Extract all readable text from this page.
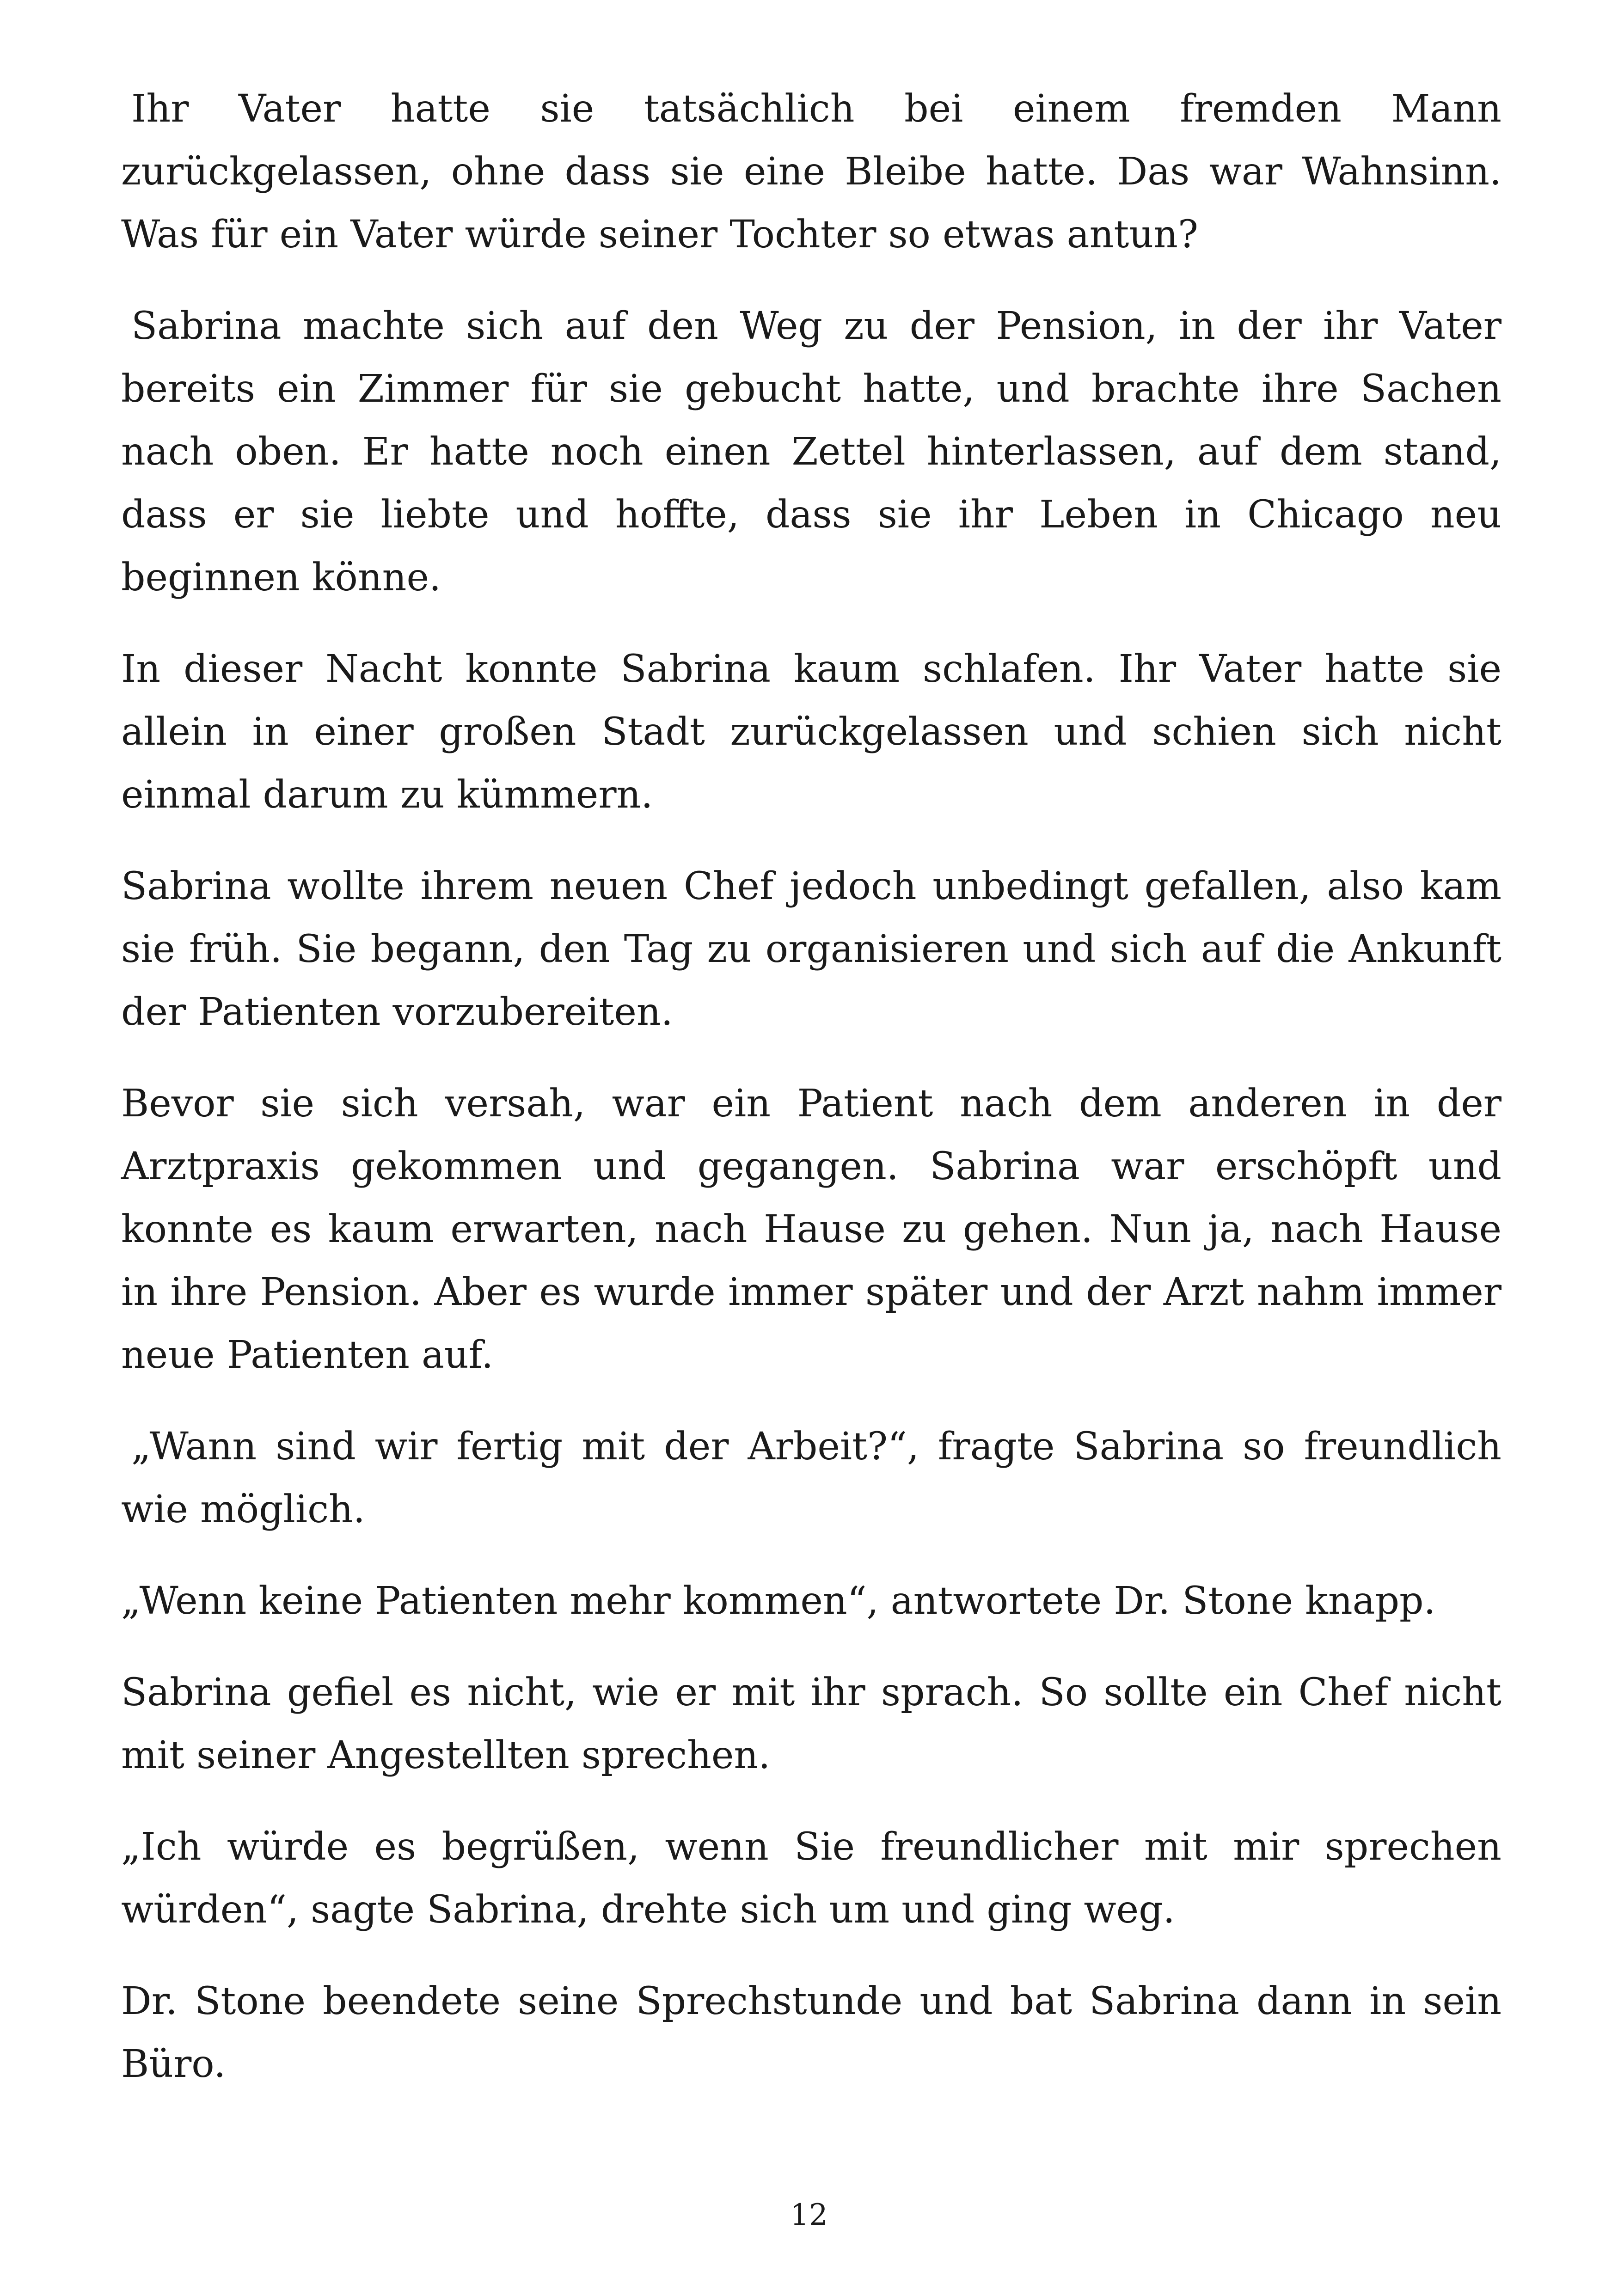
Ihr Vater hatte sie tatsächlich bei einem fremden Mann zurückgelassen, ohne dass sie eine Bleibe hatte. Das war Wahnsinn. Was für ein Vater würde seiner Tochter so etwas antun?

Sabrina machte sich auf den Weg zu der Pension, in der ihr Vater bereits ein Zimmer für sie gebucht hatte, und brachte ihre Sachen nach oben. Er hatte noch einen Zettel hinterlassen, auf dem stand, dass er sie liebte und hoffte, dass sie ihr Leben in Chicago neu beginnen könne.

In dieser Nacht konnte Sabrina kaum schlafen. Ihr Vater hatte sie allein in einer großen Stadt zurückgelassen und schien sich nicht einmal darum zu kümmern.

Sabrina wollte ihrem neuen Chef jedoch unbedingt gefallen, also kam sie früh. Sie begann, den Tag zu organisieren und sich auf die Ankunft der Patienten vorzubereiten.

Bevor sie sich versah, war ein Patient nach dem anderen in der Arztpraxis gekommen und gegangen. Sabrina war erschöpft und konnte es kaum erwarten, nach Hause zu gehen. Nun ja, nach Hause in ihre Pension. Aber es wurde immer später und der Arzt nahm immer neue Patienten auf.

„Wann sind wir fertig mit der Arbeit?“, fragte Sabrina so freundlich wie möglich.

„Wenn keine Patienten mehr kommen“, antwortete Dr. Stone knapp.

Sabrina gefiel es nicht, wie er mit ihr sprach. So sollte ein Chef nicht mit seiner Angestellten sprechen.

„Ich würde es begrüßen, wenn Sie freundlicher mit mir sprechen würden“, sagte Sabrina, drehte sich um und ging weg.

Dr. Stone beendete seine Sprechstunde und bat Sabrina dann in sein Büro.

12
